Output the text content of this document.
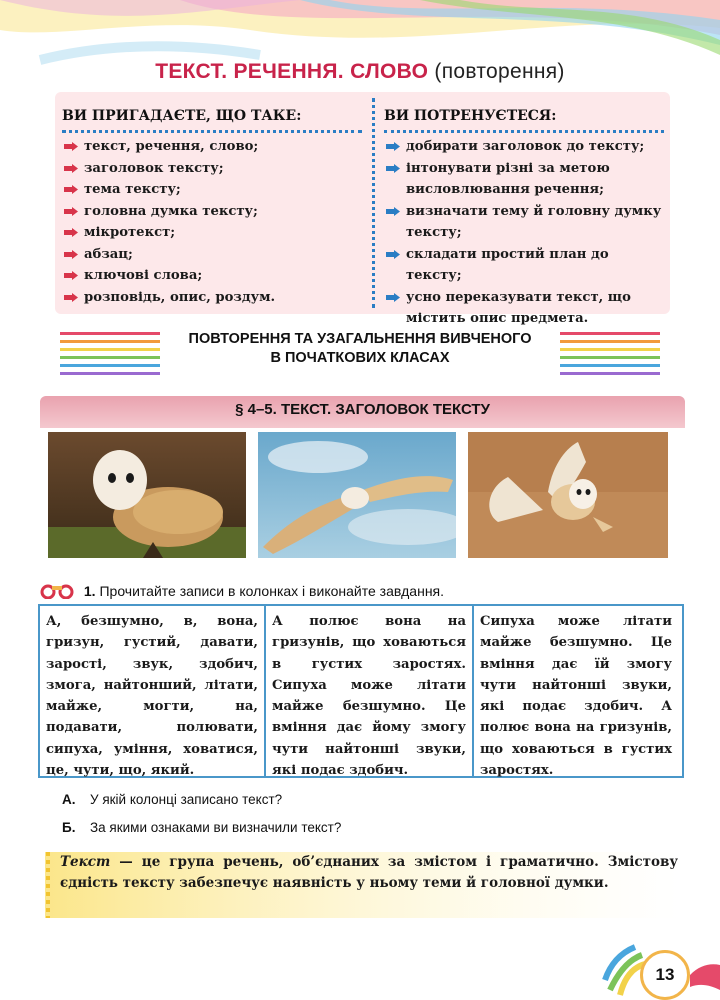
ТЕКСТ. РЕЧЕННЯ. СЛОВО (повторення)
ВИ ПРИГАДАЄТЕ, ЩО ТАКЕ:
текст, речення, слово;
заголовок тексту;
тема тексту;
головна думка тексту;
мікротекст;
абзац;
ключові слова;
розповідь, опис, роздум.
ВИ ПОТРЕНУЄТЕСЯ:
добирати заголовок до тексту;
інтонувати різні за метою висловлювання речення;
визначати тему й головну думку тексту;
складати простий план до тексту;
усно переказувати текст, що містить опис предмета.
ПОВТОРЕННЯ ТА УЗАГАЛЬНЕННЯ ВИВЧЕНОГО
В ПОЧАТКОВИХ КЛАСАХ
§ 4–5. ТЕКСТ. ЗАГОЛОВОК ТЕКСТУ
1. Прочитайте записи в колонках і виконайте завдання.
А, безшумно, в, вона, гризун, густий, давати, зарості, звук, здобич, змога, найтонший, літати, майже, могти, на, подавати, полювати, сипуха, уміння, ховатися, це, чути, що, який.
А полює вона на гризунів, що ховаються в густих заростях. Сипуха може літати майже безшумно. Це вміння дає йому змогу чути найтонші звуки, які подає здобич.
Сипуха може літати майже безшумно. Це вміння дає їй змогу чути найтонші звуки, які подає здобич. А полює вона на гризунів, що ховаються в густих заростях.
А. У якій колонці записано текст?
Б. За якими ознаками ви визначили текст?
Текст — це група речень, об’єднаних за змістом і граматично. Змістову єдність тексту забезпечує наявність у ньому теми й головної думки.
13
